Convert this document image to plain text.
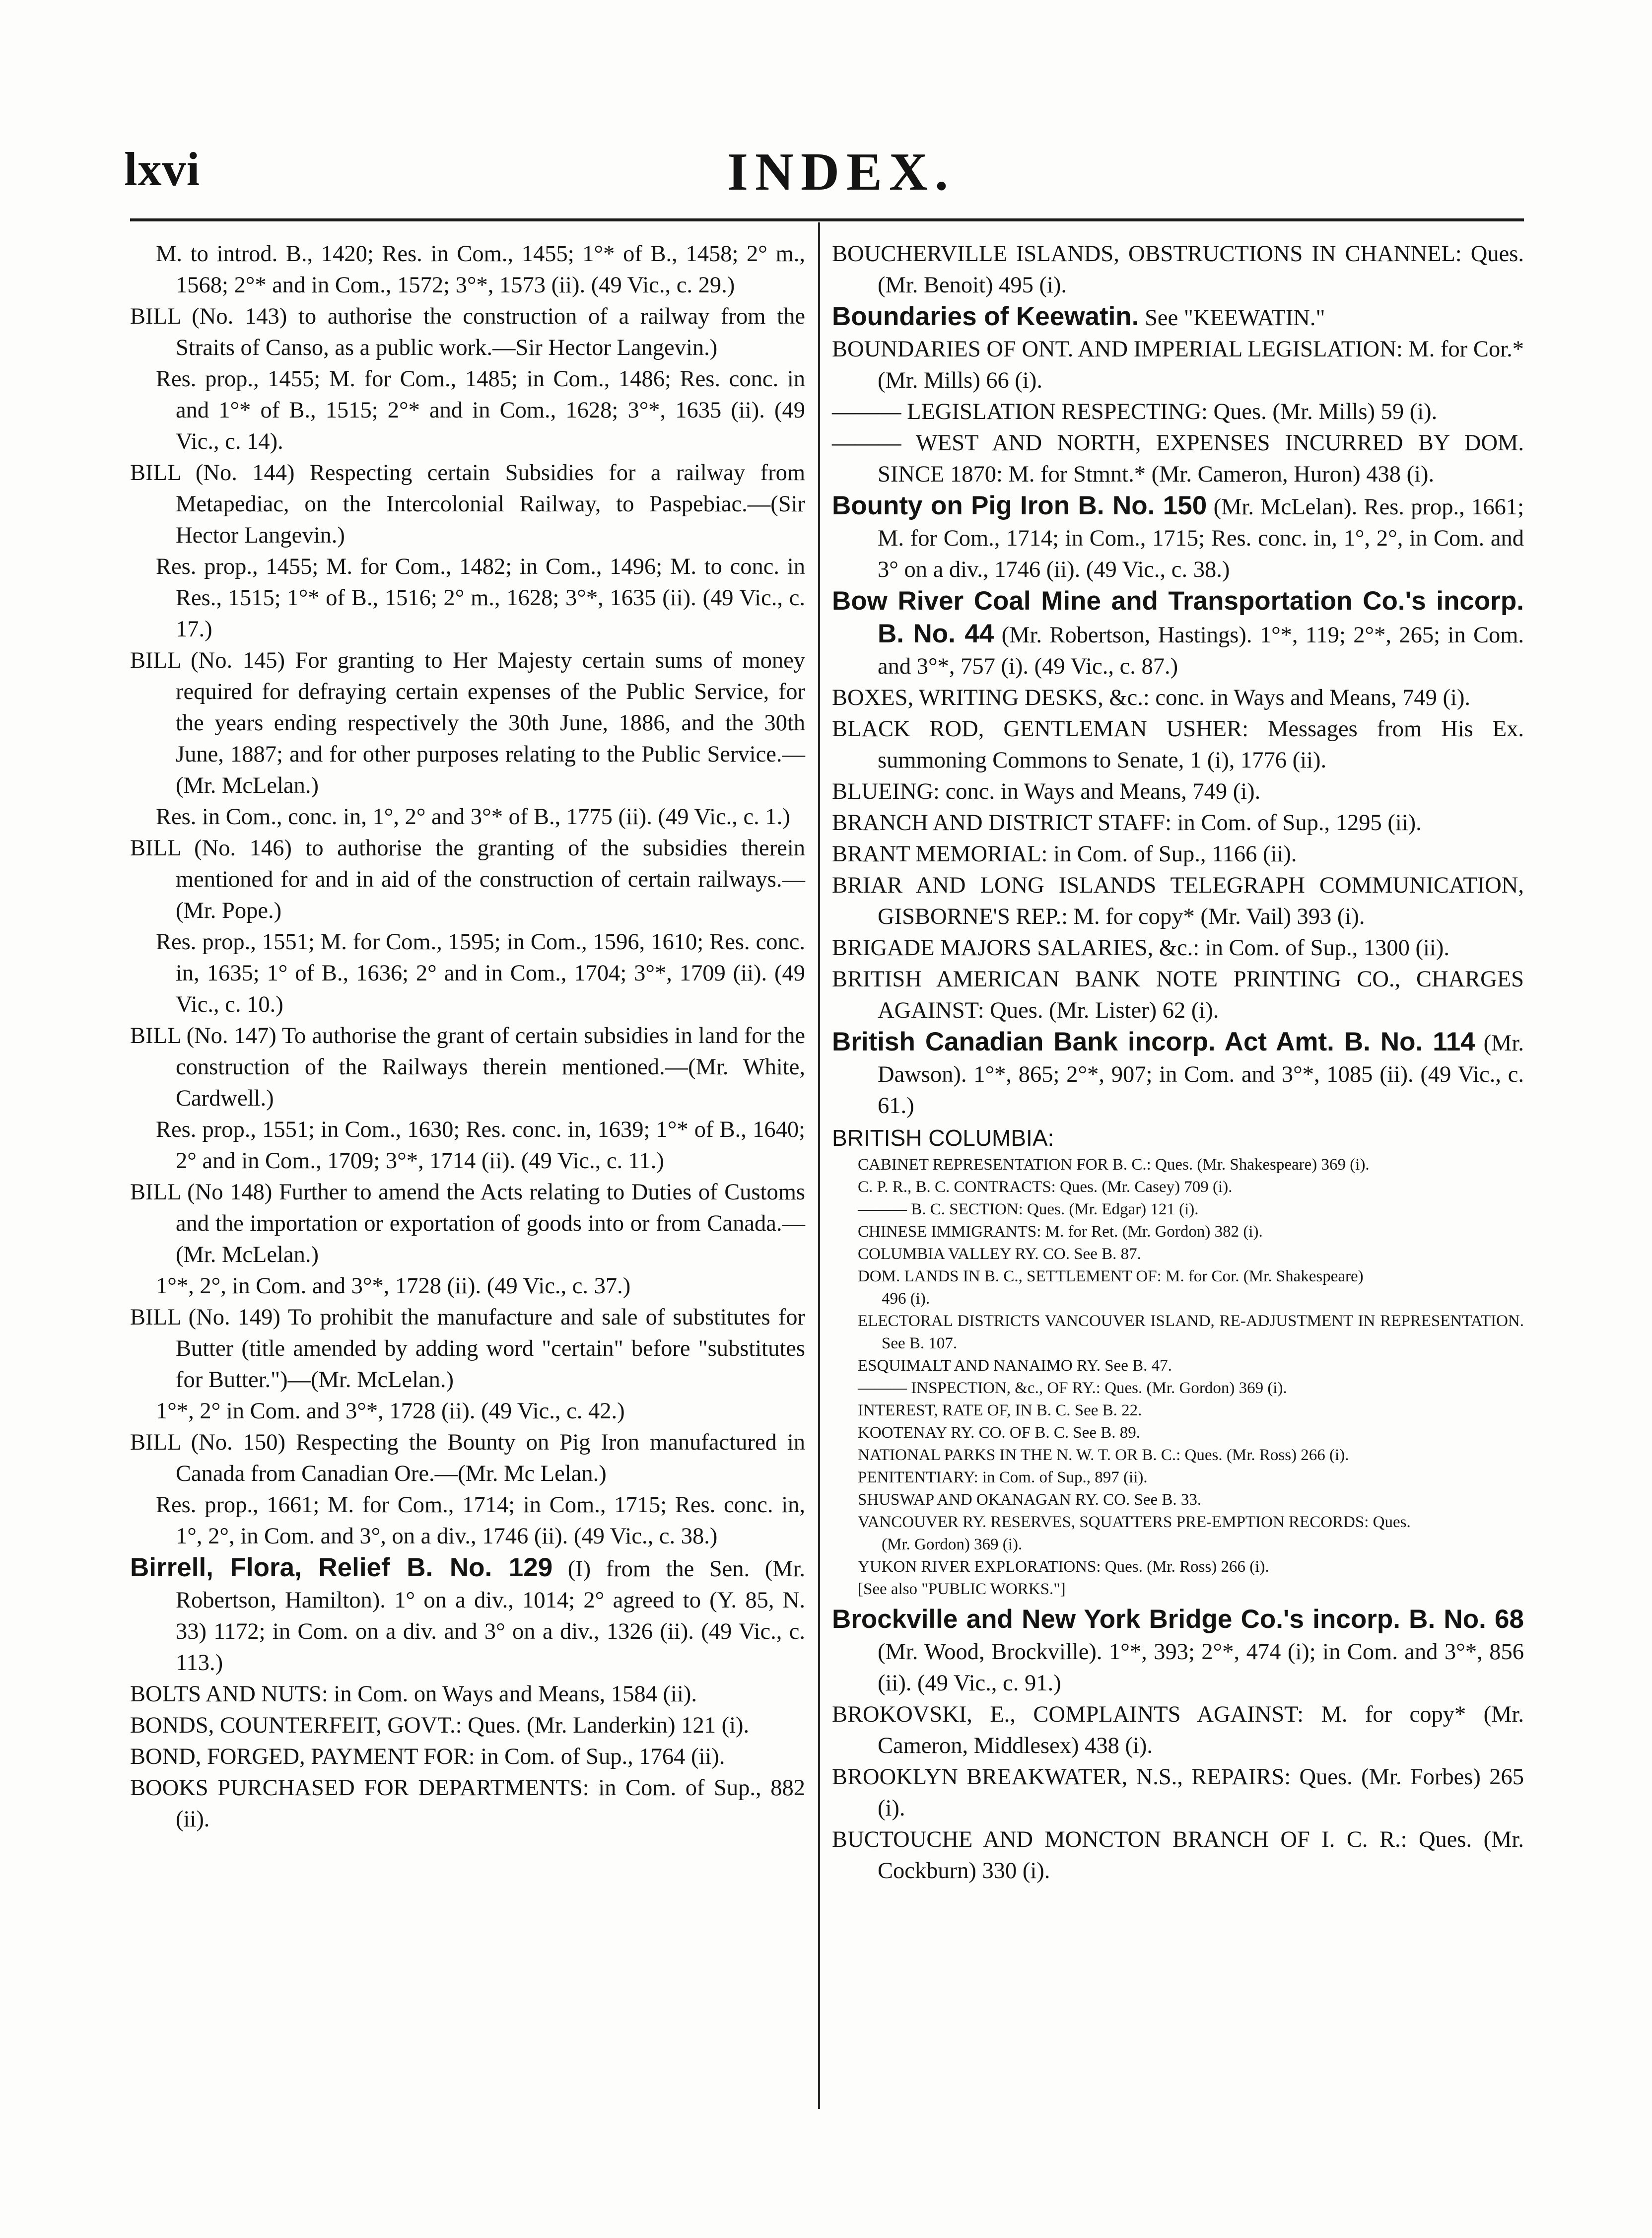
lxvi	INDEX.

M. to introd. B., 1420; Res. in Com., 1455; 1°* of B., 1458; 2° m., 1568; 2°* and in Com., 1572; 3°*, 1573 (ii). (49 Vic., c. 29.)

BILL (No. 143) to authorise the construction of a railway from the Straits of Canso, as a public work.—Sir Hector Langevin.)

Res. prop., 1455; M. for Com., 1485; in Com., 1486; Res. conc. in and 1°* of B., 1515; 2°* and in Com., 1628; 3°*, 1635 (ii). (49 Vic., c. 14).

BILL (No. 144) Respecting certain Subsidies for a railway from Metapediac, on the Intercolonial Railway, to Paspebiac.—(Sir Hector Langevin.)

Res. prop., 1455; M. for Com., 1482; in Com., 1496; M. to conc. in Res., 1515; 1°* of B., 1516; 2° m., 1628; 3°*, 1635 (ii). (49 Vic., c. 17.)

BILL (No. 145) For granting to Her Majesty certain sums of money required for defraying certain expenses of the Public Service, for the years ending respectively the 30th June, 1886, and the 30th June, 1887; and for other purposes relating to the Public Service.—(Mr. McLelan.)

Res. in Com., conc. in, 1°, 2° and 3°* of B., 1775 (ii). (49 Vic., c. 1.)

BILL (No. 146) to authorise the granting of the subsidies therein mentioned for and in aid of the construction of certain railways.—(Mr. Pope.)

Res. prop., 1551; M. for Com., 1595; in Com., 1596, 1610; Res. conc. in, 1635; 1° of B., 1636; 2° and in Com., 1704; 3°*, 1709 (ii). (49 Vic., c. 10.)

BILL (No. 147) To authorise the grant of certain subsidies in land for the construction of the Railways therein mentioned.—(Mr. White, Cardwell.)

Res. prop., 1551; in Com., 1630; Res. conc. in, 1639; 1°* of B., 1640; 2° and in Com., 1709; 3°*, 1714 (ii). (49 Vic., c. 11.)

BILL (No 148) Further to amend the Acts relating to Duties of Customs and the importation or exportation of goods into or from Canada.—(Mr. McLelan.)

1°*, 2°, in Com. and 3°*, 1728 (ii). (49 Vic., c. 37.)

BILL (No. 149) To prohibit the manufacture and sale of substitutes for Butter (title amended by adding word "certain" before "substitutes for Butter.")—(Mr. McLelan.)

1°*, 2° in Com. and 3°*, 1728 (ii). (49 Vic., c. 42.)

BILL (No. 150) Respecting the Bounty on Pig Iron manufactured in Canada from Canadian Ore.—(Mr. Mc Lelan.)

Res. prop., 1661; M. for Com., 1714; in Com., 1715; Res. conc. in, 1°, 2°, in Com. and 3°, on a div., 1746 (ii). (49 Vic., c. 38.)

Birrell, Flora, Relief B. No. 129 (I) from the Sen. (Mr. Robertson, Hamilton). 1° on a div., 1014; 2° agreed to (Y. 85, N. 33) 1172; in Com. on a div. and 3° on a div., 1326 (ii). (49 Vic., c. 113.)

BOLTS AND NUTS: in Com. on Ways and Means, 1584 (ii).

BONDS, COUNTERFEIT, GOVT.: Ques. (Mr. Landerkin) 121 (i).

BOND, FORGED, PAYMENT FOR: in Com. of Sup., 1764 (ii).

BOOKS PURCHASED FOR DEPARTMENTS: in Com. of Sup., 882 (ii).

BOUCHERVILLE ISLANDS, OBSTRUCTIONS IN CHANNEL: Ques. (Mr. Benoit) 495 (i).

Boundaries of Keewatin. See "KEEWATIN."

BOUNDARIES OF ONT. AND IMPERIAL LEGISLATION: M. for Cor.* (Mr. Mills) 66 (i).

——— LEGISLATION RESPECTING: Ques. (Mr. Mills) 59 (i).

——— WEST AND NORTH, EXPENSES INCURRED BY DOM. SINCE 1870: M. for Stmnt.* (Mr. Cameron, Huron) 438 (i).

Bounty on Pig Iron B. No. 150 (Mr. McLelan). Res. prop., 1661; M. for Com., 1714; in Com., 1715; Res. conc. in, 1°, 2°, in Com. and 3° on a div., 1746 (ii). (49 Vic., c. 38.)

Bow River Coal Mine and Transportation Co.'s incorp. B. No. 44 (Mr. Robertson, Hastings). 1°*, 119; 2°*, 265; in Com. and 3°*, 757 (i). (49 Vic., c. 87.)

BOXES, WRITING DESKS, &c.: conc. in Ways and Means, 749 (i).

BLACK ROD, GENTLEMAN USHER: Messages from His Ex. summoning Commons to Senate, 1 (i), 1776 (ii).

BLUEING: conc. in Ways and Means, 749 (i).

BRANCH AND DISTRICT STAFF: in Com. of Sup., 1295 (ii).

BRANT MEMORIAL: in Com. of Sup., 1166 (ii).

BRIAR AND LONG ISLANDS TELEGRAPH COMMUNICATION, GISBORNE'S REP.: M. for copy* (Mr. Vail) 393 (i).

BRIGADE MAJORS SALARIES, &c.: in Com. of Sup., 1300 (ii).

BRITISH AMERICAN BANK NOTE PRINTING CO., CHARGES AGAINST: Ques. (Mr. Lister) 62 (i).

British Canadian Bank incorp. Act Amt. B. No. 114 (Mr. Dawson). 1°*, 865; 2°*, 907; in Com. and 3°*, 1085 (ii). (49 Vic., c. 61.)

BRITISH COLUMBIA:

CABINET REPRESENTATION FOR B. C.: Ques. (Mr. Shakespeare) 369 (i).

C. P. R., B. C. CONTRACTS: Ques. (Mr. Casey) 709 (i).

——— B. C. SECTION: Ques. (Mr. Edgar) 121 (i).

CHINESE IMMIGRANTS: M. for Ret. (Mr. Gordon) 382 (i).

COLUMBIA VALLEY RY. CO. See B. 87.

DOM. LANDS IN B. C., SETTLEMENT OF: M. for Cor. (Mr. Shakespeare)

496 (i).

ELECTORAL DISTRICTS VANCOUVER ISLAND, RE-ADJUSTMENT IN REPRESENTATION. See B. 107.

ESQUIMALT AND NANAIMO RY. See B. 47.

——— INSPECTION, &c., OF RY.: Ques. (Mr. Gordon) 369 (i).

INTEREST, RATE OF, IN B. C. See B. 22.

KOOTENAY RY. CO. OF B. C. See B. 89.

NATIONAL PARKS IN THE N. W. T. OR B. C.: Ques. (Mr. Ross) 266 (i).

PENITENTIARY: in Com. of Sup., 897 (ii).

SHUSWAP AND OKANAGAN RY. CO. See B. 33.

VANCOUVER RY. RESERVES, SQUATTERS PRE-EMPTION RECORDS: Ques.

(Mr. Gordon) 369 (i).

YUKON RIVER EXPLORATIONS: Ques. (Mr. Ross) 266 (i).

[See also "PUBLIC WORKS."]

Brockville and New York Bridge Co.'s incorp. B. No. 68 (Mr. Wood, Brockville). 1°*, 393; 2°*, 474 (i); in Com. and 3°*, 856 (ii). (49 Vic., c. 91.)

BROKOVSKI, E., COMPLAINTS AGAINST: M. for copy* (Mr. Cameron, Middlesex) 438 (i).

BROOKLYN BREAKWATER, N.S., REPAIRS: Ques. (Mr. Forbes) 265 (i).

BUCTOUCHE AND MONCTON BRANCH OF I. C. R.: Ques. (Mr. Cockburn) 330 (i).
